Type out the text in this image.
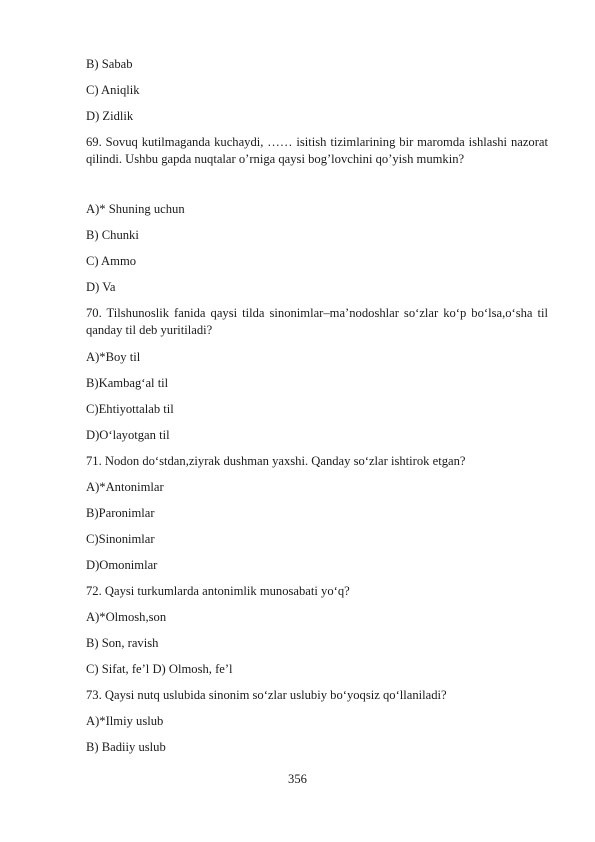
B) Sabab
C) Aniqlik
D) Zidlik
69. Sovuq kutilmaganda kuchaydi, …… isitish tizimlarining bir maromda ishlashi nazorat qilindi. Ushbu gapda nuqtalar o’rniga qaysi bog’lovchini qo’yish mumkin?
A)* Shuning uchun
B) Chunki
C) Ammo
D) Va
70. Tilshunoslik fanida qaysi tilda sinonimlar–ma’nodoshlar so‘zlar ko‘p bo‘lsa,o‘sha til qanday til deb yuritiladi?
A)*Boy til
B)Kambag‘al til
C)Ehtiyottalab til
D)O‘layotgan til
71. Nodon do‘stdan,ziyrak dushman yaxshi. Qanday so‘zlar ishtirok etgan?
A)*Antonimlar
B)Paronimlar
C)Sinonimlar
D)Omonimlar
72. Qaysi turkumlarda antonimlik munosabati yo‘q?
A)*Olmosh,son
B) Son, ravish
C) Sifat, fe’l D) Olmosh, fe’l
73. Qaysi nutq uslubida sinonim so‘zlar uslubiy bo‘yoqsiz qo‘llaniladi?
A)*Ilmiy uslub
B) Badiiy uslub
356
